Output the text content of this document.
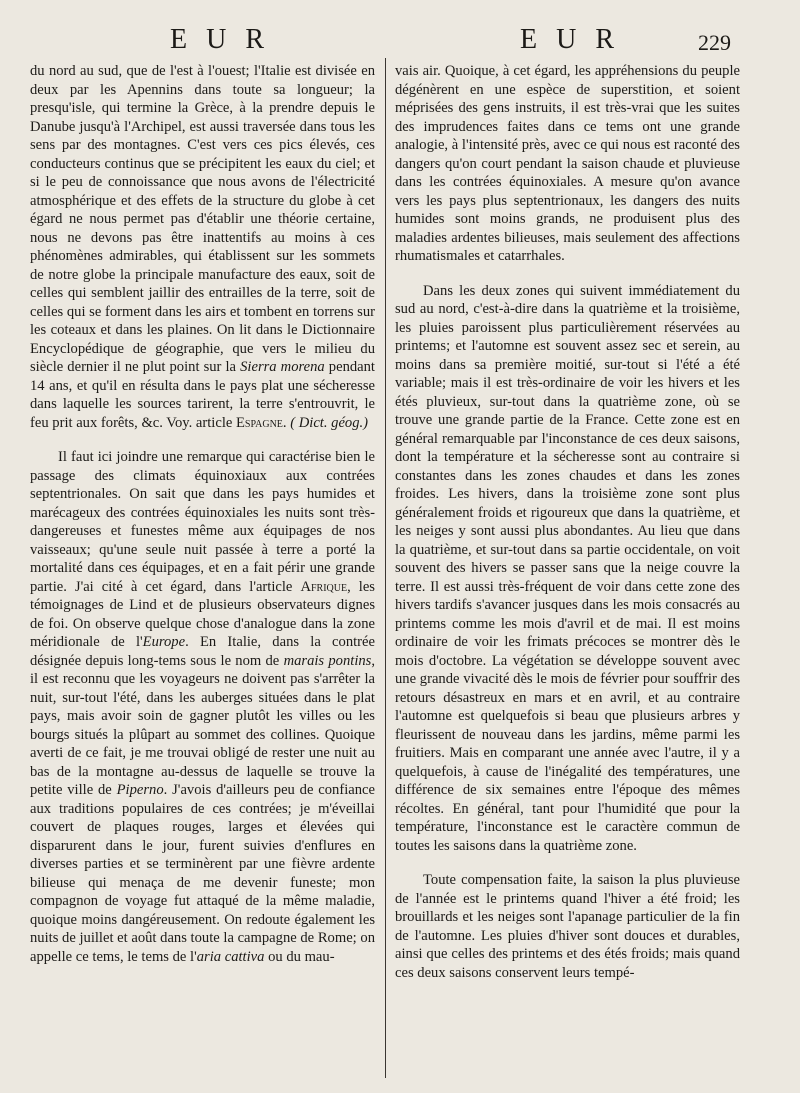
E U R	E U R	229

du nord au sud, que de l'est à l'ouest; l'Italie est divisée en deux par les Apennins dans toute sa longueur; la presqu'isle, qui termine la Grèce, à la prendre depuis le Danube jusqu'à l'Archipel, est aussi traversée dans tous les sens par des montagnes. C'est vers ces pics élevés, ces conducteurs continus que se précipitent les eaux du ciel; et si le peu de connoissance que nous avons de l'électricité atmosphérique et des effets de la structure du globe à cet égard ne nous permet pas d'établir une théorie certaine, nous ne devons pas être inattentifs au moins à ces phénomènes admirables, qui établissent sur les sommets de notre globe la principale manufacture des eaux, soit de celles qui semblent jaillir des entrailles de la terre, soit de celles qui se forment dans les airs et tombent en torrens sur les coteaux et dans les plaines. On lit dans le Dictionnaire Encyclopédique de géographie, que vers le milieu du siècle dernier il ne plut point sur la Sierra morena pendant 14 ans, et qu'il en résulta dans le pays plat une sécheresse dans laquelle les sources tarirent, la terre s'entrouvrit, le feu prit aux forêts, &c. Voy. article Espagne. ( Dict. géog.)

Il faut ici joindre une remarque qui caractérise bien le passage des climats équinoxiaux aux contrées septentrionales. On sait que dans les pays humides et marécageux des contrées équinoxiales les nuits sont très-dangereuses et funestes même aux équipages de nos vaisseaux; qu'une seule nuit passée à terre a porté la mortalité dans ces équipages, et en a fait périr une grande partie. J'ai cité à cet égard, dans l'article Afrique, les témoignages de Lind et de plusieurs observateurs dignes de foi. On observe quelque chose d'analogue dans la zone méridionale de l'Europe. En Italie, dans la contrée désignée depuis long-tems sous le nom de marais pontins, il est reconnu que les voyageurs ne doivent pas s'arrêter la nuit, sur-tout l'été, dans les auberges situées dans le plat pays, mais avoir soin de gagner plutôt les villes ou les bourgs situés la plûpart au sommet des collines. Quoique averti de ce fait, je me trouvai obligé de rester une nuit au bas de la montagne au-dessus de laquelle se trouve la petite ville de Piperno. J'avois d'ailleurs peu de confiance aux traditions populaires de ces contrées; je m'éveillai couvert de plaques rouges, larges et élevées qui disparurent dans le jour, furent suivies d'enflures en diverses parties et se terminèrent par une fièvre ardente bilieuse qui menaça de me devenir funeste; mon compagnon de voyage fut attaqué de la même maladie, quoique moins dangéreusement. On redoute également les nuits de juillet et août dans toute la campagne de Rome; on appelle ce tems, le tems de l'aria cattiva ou du mau-

vais air. Quoique, à cet égard, les appréhensions du peuple dégénèrent en une espèce de superstition, et soient méprisées des gens instruits, il est très-vrai que les suites des imprudences faites dans ce tems ont une grande analogie, à l'intensité près, avec ce qui nous est raconté des dangers qu'on court pendant la saison chaude et pluvieuse dans les contrées équinoxiales. A mesure qu'on avance vers les pays plus septentrionaux, les dangers des nuits humides sont moins grands, ne produisent plus des maladies ardentes bilieuses, mais seulement des affections rhumatismales et catarrhales.

Dans les deux zones qui suivent immédiatement du sud au nord, c'est-à-dire dans la quatrième et la troisième, les pluies paroissent plus particulièrement réservées au printems; et l'automne est souvent assez sec et serein, au moins dans sa première moitié, sur-tout si l'été a été variable; mais il est très-ordinaire de voir les hivers et les étés pluvieux, sur-tout dans la quatrième zone, où se trouve une grande partie de la France. Cette zone est en général remarquable par l'inconstance de ces deux saisons, dont la température et la sécheresse sont au contraire si constantes dans les zones chaudes et dans les zones froides. Les hivers, dans la troisième zone sont plus généralement froids et rigoureux que dans la quatrième, et les neiges y sont aussi plus abondantes. Au lieu que dans la quatrième, et sur-tout dans sa partie occidentale, on voit souvent des hivers se passer sans que la neige couvre la terre. Il est aussi très-fréquent de voir dans cette zone des hivers tardifs s'avancer jusques dans les mois consacrés au printems comme les mois d'avril et de mai. Il est moins ordinaire de voir les frimats précoces se montrer dès le mois d'octobre. La végétation se développe souvent avec une grande vivacité dès le mois de février pour souffrir des retours désastreux en mars et en avril, et au contraire l'automne est quelquefois si beau que plusieurs arbres y fleurissent de nouveau dans les jardins, même parmi les fruitiers. Mais en comparant une année avec l'autre, il y a quelquefois, à cause de l'inégalité des températures, une différence de six semaines entre l'époque des mêmes récoltes. En général, tant pour l'humidité que pour la température, l'inconstance est le caractère commun de toutes les saisons dans la quatrième zone.

Toute compensation faite, la saison la plus pluvieuse de l'année est le printems quand l'hiver a été froid; les brouillards et les neiges sont l'apanage particulier de la fin de l'automne. Les pluies d'hiver sont douces et durables, ainsi que celles des printems et des étés froids; mais quand ces deux saisons conservent leurs tempé-
